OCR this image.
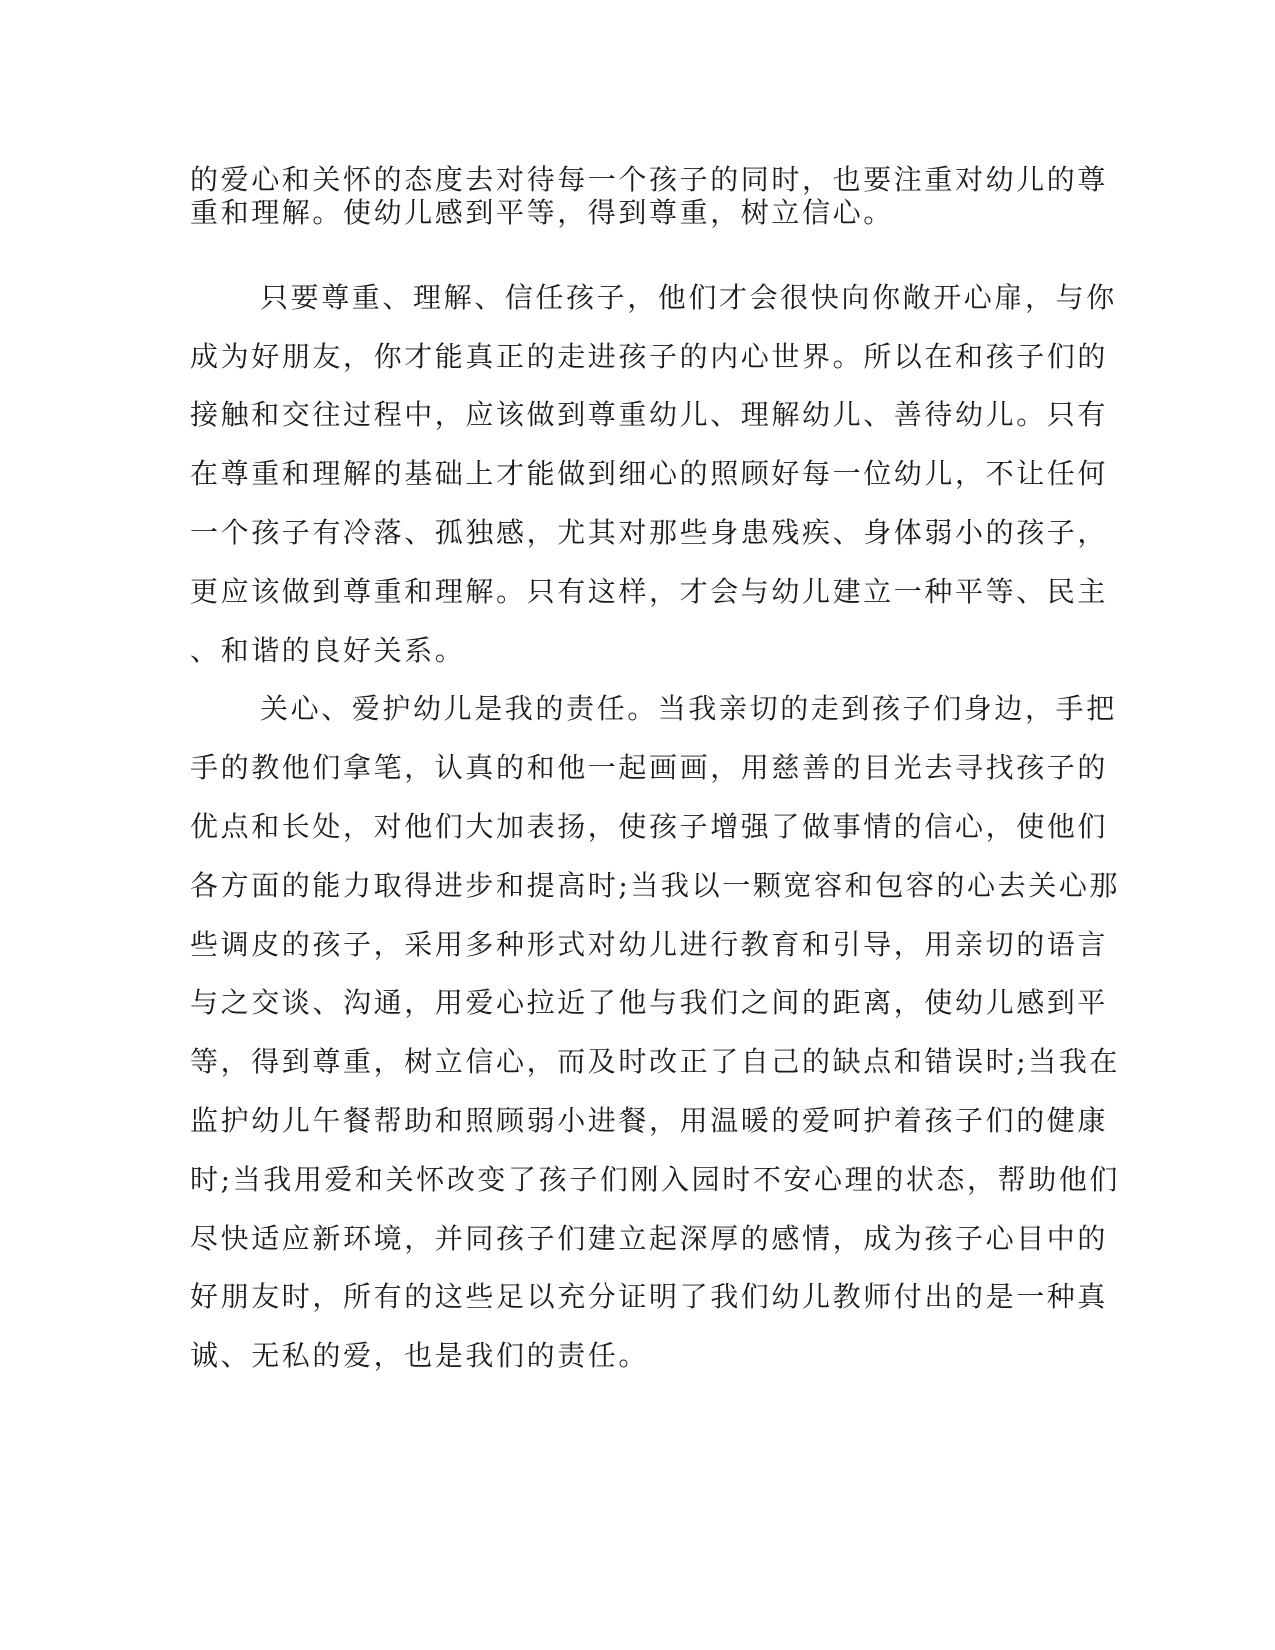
的爱心和关怀的态度去对待每一个孩子的同时，也要注重对幼儿的尊

重和理解。使幼儿感到平等，得到尊重，树立信心。

只要尊重、理解、信任孩子，他们才会很快向你敞开心扉，与你

成为好朋友，你才能真正的走进孩子的内心世界。所以在和孩子们的

接触和交往过程中，应该做到尊重幼儿、理解幼儿、善待幼儿。只有

在尊重和理解的基础上才能做到细心的照顾好每一位幼儿，不让任何

一个孩子有冷落、孤独感，尤其对那些身患残疾、身体弱小的孩子，

更应该做到尊重和理解。只有这样，才会与幼儿建立一种平等、民主

、和谐的良好关系。

关心、爱护幼儿是我的责任。当我亲切的走到孩子们身边，手把

手的教他们拿笔，认真的和他一起画画，用慈善的目光去寻找孩子的

优点和长处，对他们大加表扬，使孩子增强了做事情的信心，使他们

各方面的能力取得进步和提高时;当我以一颗宽容和包容的心去关心那

些调皮的孩子，采用多种形式对幼儿进行教育和引导，用亲切的语言

与之交谈、沟通，用爱心拉近了他与我们之间的距离，使幼儿感到平

等，得到尊重，树立信心，而及时改正了自己的缺点和错误时;当我在

监护幼儿午餐帮助和照顾弱小进餐，用温暖的爱呵护着孩子们的健康

时;当我用爱和关怀改变了孩子们刚入园时不安心理的状态，帮助他们

尽快适应新环境，并同孩子们建立起深厚的感情，成为孩子心目中的

好朋友时，所有的这些足以充分证明了我们幼儿教师付出的是一种真

诚、无私的爱，也是我们的责任。
